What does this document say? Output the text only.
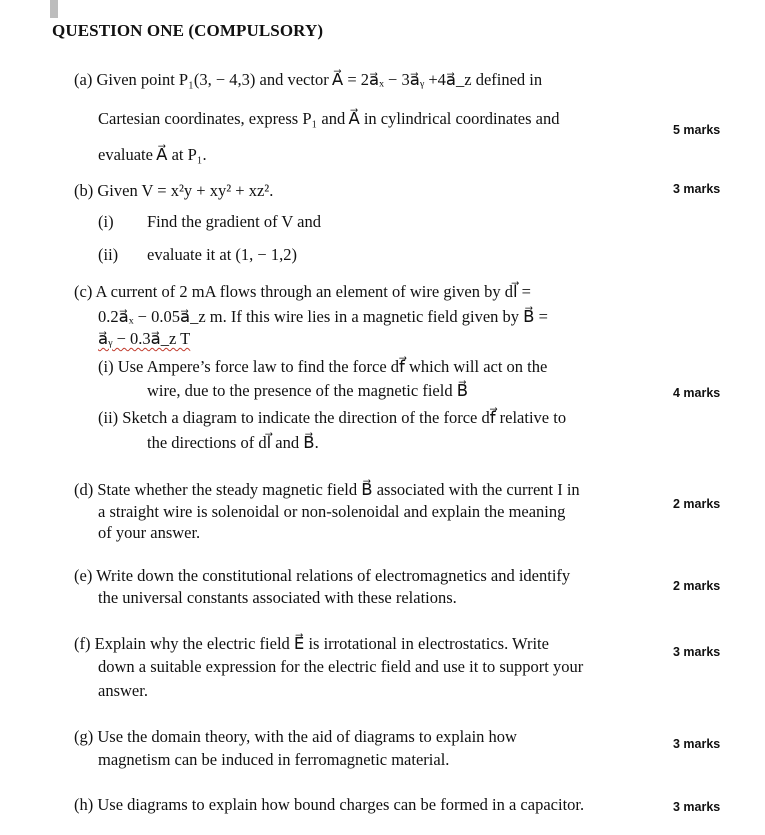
QUESTION ONE (COMPULSORY)
(a) Given point P₁(3, − 4,3) and vector A⃗ = 2a⃗ₓ − 3a⃗ᵧ +4a⃗_z defined in
Cartesian coordinates, express P₁ and A⃗ in cylindrical coordinates and
evaluate A⃗ at P₁.
5 marks
(b) Given V = x²y + xy² + xz².	3 marks
(i) Find the gradient of V and
(ii) evaluate it at (1, − 1,2)
(c) A current of 2 mA flows through an element of wire given by dl⃗ =
0.2a⃗ₓ − 0.05a⃗_z m. If this wire lies in a magnetic field given by B⃗ =
a⃗ᵧ − 0.3a⃗_z T
(i) Use Ampere’s force law to find the force df⃗ which will act on the
wire, due to the presence of the magnetic field B⃗	4 marks
(ii) Sketch a diagram to indicate the direction of the force df⃗ relative to
the directions of dl⃗ and B⃗.
(d) State whether the steady magnetic field B⃗ associated with the current I in
a straight wire is solenoidal or non-solenoidal and explain the meaning
of your answer.
2 marks
(e) Write down the constitutional relations of electromagnetics and identify
the universal constants associated with these relations.
2 marks
(f) Explain why the electric field E⃗ is irrotational in electrostatics. Write
down a suitable expression for the electric field and use it to support your
answer.
3 marks
(g) Use the domain theory, with the aid of diagrams to explain how
magnetism can be induced in ferromagnetic material.
3 marks
(h) Use diagrams to explain how bound charges can be formed in a capacitor.	3 marks
